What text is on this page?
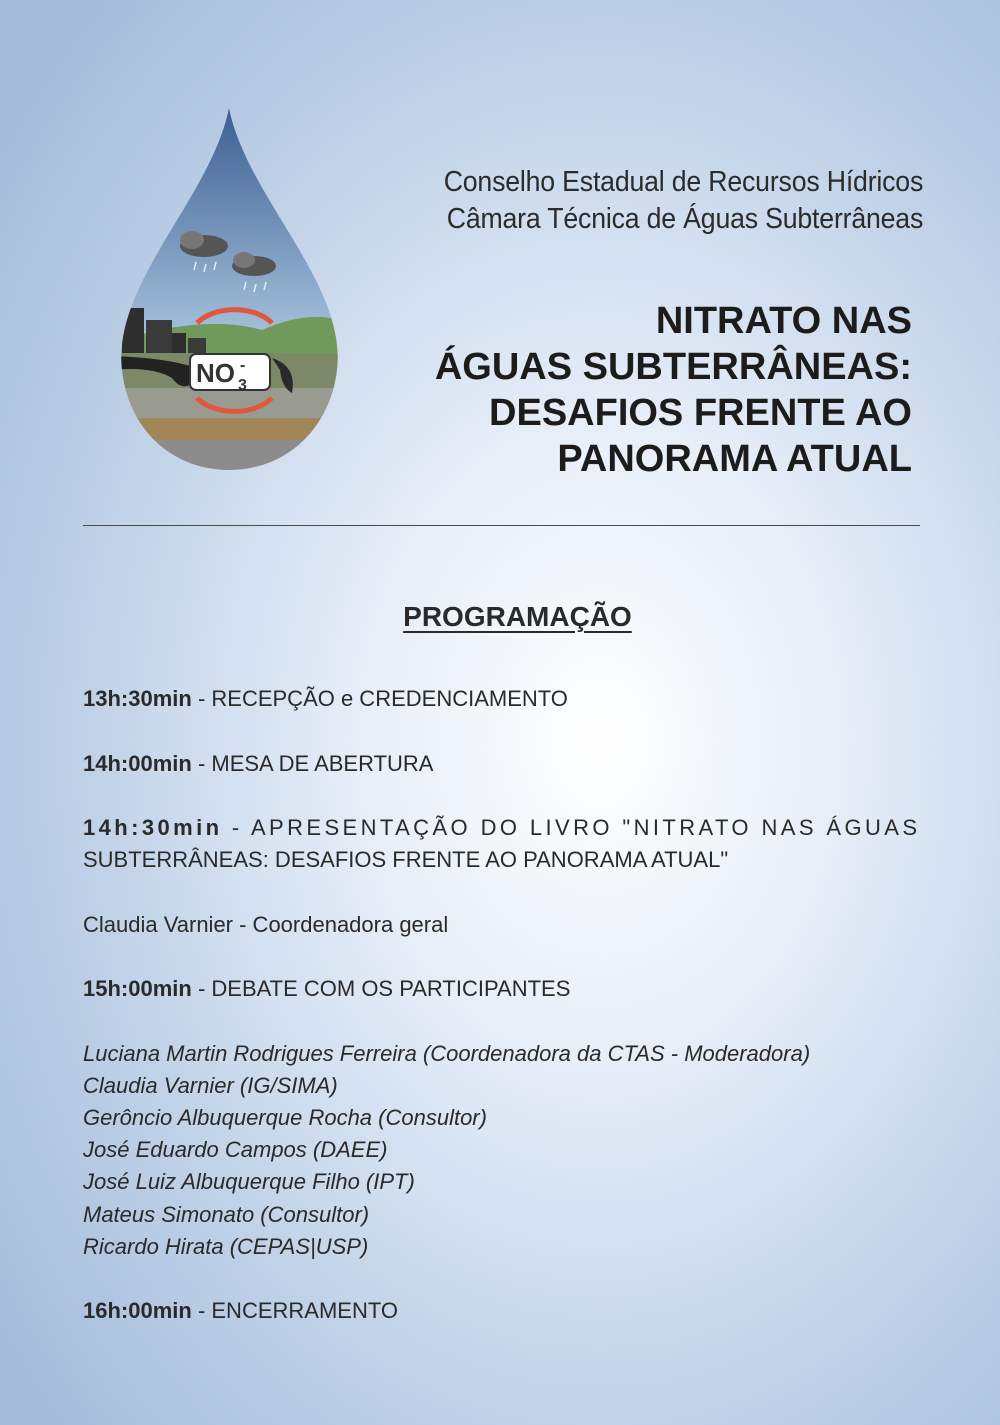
NO 3
-
Conselho Estadual de Recursos Hídricos
Câmara Técnica de Águas Subterrâneas
NITRATO NAS
ÁGUAS SUBTERRÂNEAS:
DESAFIOS FRENTE AO
PANORAMA ATUAL
PROGRAMAÇÃO
13h:30min - RECEPÇÃO e CREDENCIAMENTO
14h:00min - MESA DE ABERTURA
14h:30min - APRESENTAÇÃO DO LIVRO "NITRATO NAS ÁGUAS
SUBTERRÂNEAS: DESAFIOS FRENTE AO PANORAMA ATUAL"
Claudia Varnier - Coordenadora geral
15h:00min - DEBATE COM OS PARTICIPANTES
Luciana Martin Rodrigues Ferreira (Coordenadora da CTAS - Moderadora)
Claudia Varnier (IG/SIMA)
Gerôncio Albuquerque Rocha (Consultor)
José Eduardo Campos (DAEE)
José Luiz Albuquerque Filho (IPT)
Mateus Simonato (Consultor)
Ricardo Hirata (CEPAS|USP)
16h:00min - ENCERRAMENTO
